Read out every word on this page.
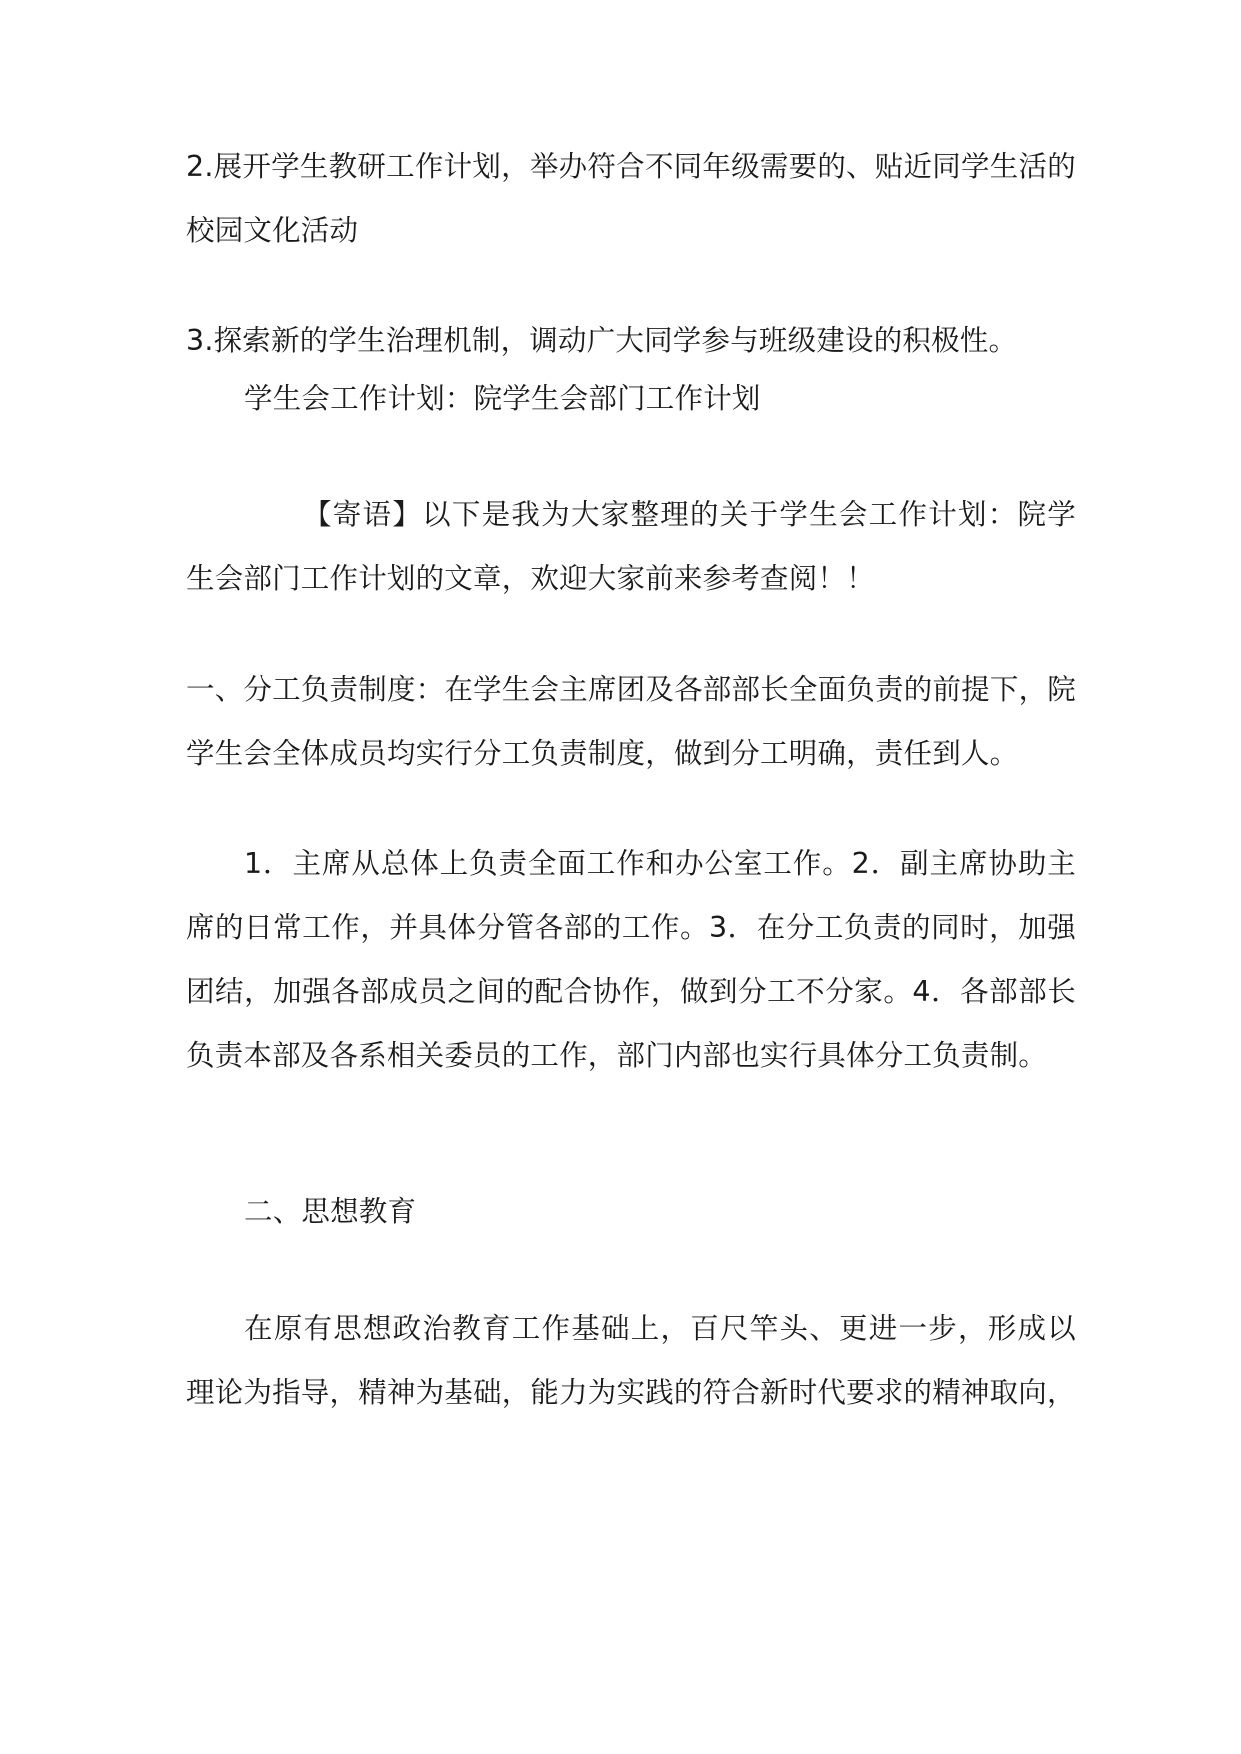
2.展开学生教研工作计划，举办符合不同年级需要的、贴近同学生活的校园文化活动

3.探索新的学生治理机制，调动广大同学参与班级建设的积极性。

学生会工作计划：院学生会部门工作计划

【寄语】以下是我为大家整理的关于学生会工作计划：院学生会部门工作计划的文章，欢迎大家前来参考查阅！！

一、分工负责制度：在学生会主席团及各部部长全面负责的前提下，院学生会全体成员均实行分工负责制度，做到分工明确，责任到人。

1．主席从总体上负责全面工作和办公室工作。2．副主席协助主席的日常工作，并具体分管各部的工作。3．在分工负责的同时，加强团结，加强各部成员之间的配合协作，做到分工不分家。4．各部部长负责本部及各系相关委员的工作，部门内部也实行具体分工负责制。

二、思想教育

在原有思想政治教育工作基础上，百尺竿头、更进一步，形成以理论为指导，精神为基础，能力为实践的符合新时代要求的精神取向，
